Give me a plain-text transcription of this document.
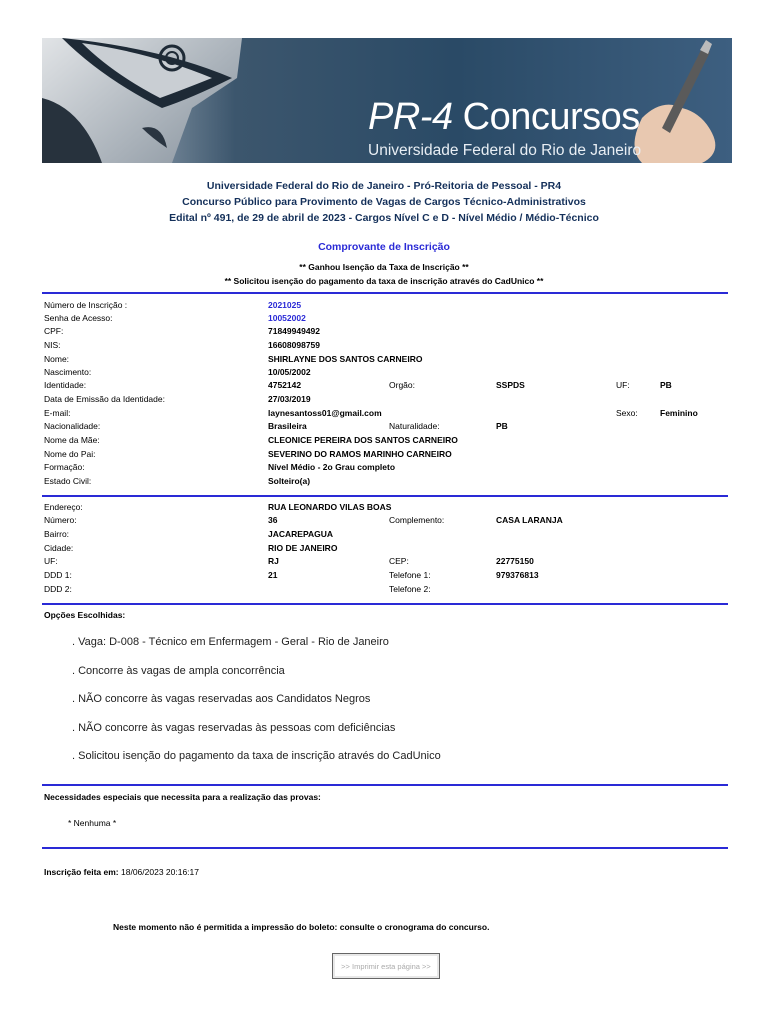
PR-4 Concursos
Universidade Federal do Rio de Janeiro
Universidade Federal do Rio de Janeiro - Pró-Reitoria de Pessoal - PR4
Concurso Público para Provimento de Vagas de Cargos Técnico-Administrativos
Edital nº 491, de 29 de abril de 2023 - Cargos Nível C e D - Nível Médio / Médio-Técnico
Comprovante de Inscrição
** Ganhou Isenção da Taxa de Inscrição **
** Solicitou isenção do pagamento da taxa de inscrição através do CadUnico **
Número de Inscrição :	2021025
Senha de Acesso:	10052002
CPF:	71849949492
NIS:	16608098759
Nome:	SHIRLAYNE DOS SANTOS CARNEIRO
Nascimento:	10/05/2002
Identidade:	4752142	Orgão:	SSPDS	UF:	PB
Data de Emissão da Identidade:	27/03/2019
E-mail:	laynesantoss01@gmail.com	Sexo:	Feminino
Nacionalidade:	Brasileira	Naturalidade:	PB
Nome da Mãe:	CLEONICE PEREIRA DOS SANTOS CARNEIRO
Nome do Pai:	SEVERINO DO RAMOS MARINHO CARNEIRO
Formação:	Nível Médio - 2o Grau completo
Estado Civil:	Solteiro(a)
Endereço:	RUA LEONARDO VILAS BOAS
Número:	36	Complemento:	CASA LARANJA
Bairro:	JACAREPAGUA
Cidade:	RIO DE JANEIRO
UF:	RJ	CEP:	22775150
DDD 1:	21	Telefone 1:	979376813
DDD 2:	Telefone 2:
Opções Escolhidas:
. Vaga: D-008 - Técnico em Enfermagem - Geral - Rio de Janeiro
. Concorre às vagas de ampla concorrência
. NÃO concorre às vagas reservadas aos Candidatos Negros
. NÃO concorre às vagas reservadas às pessoas com deficiências
. Solicitou isenção do pagamento da taxa de inscrição através do CadUnico
Necessidades especiais que necessita para a realização das provas:
* Nenhuma *
Inscrição feita em: 18/06/2023 20:16:17
Neste momento não é permitida a impressão do boleto: consulte o cronograma do concurso.
>> Imprimir esta página >>
